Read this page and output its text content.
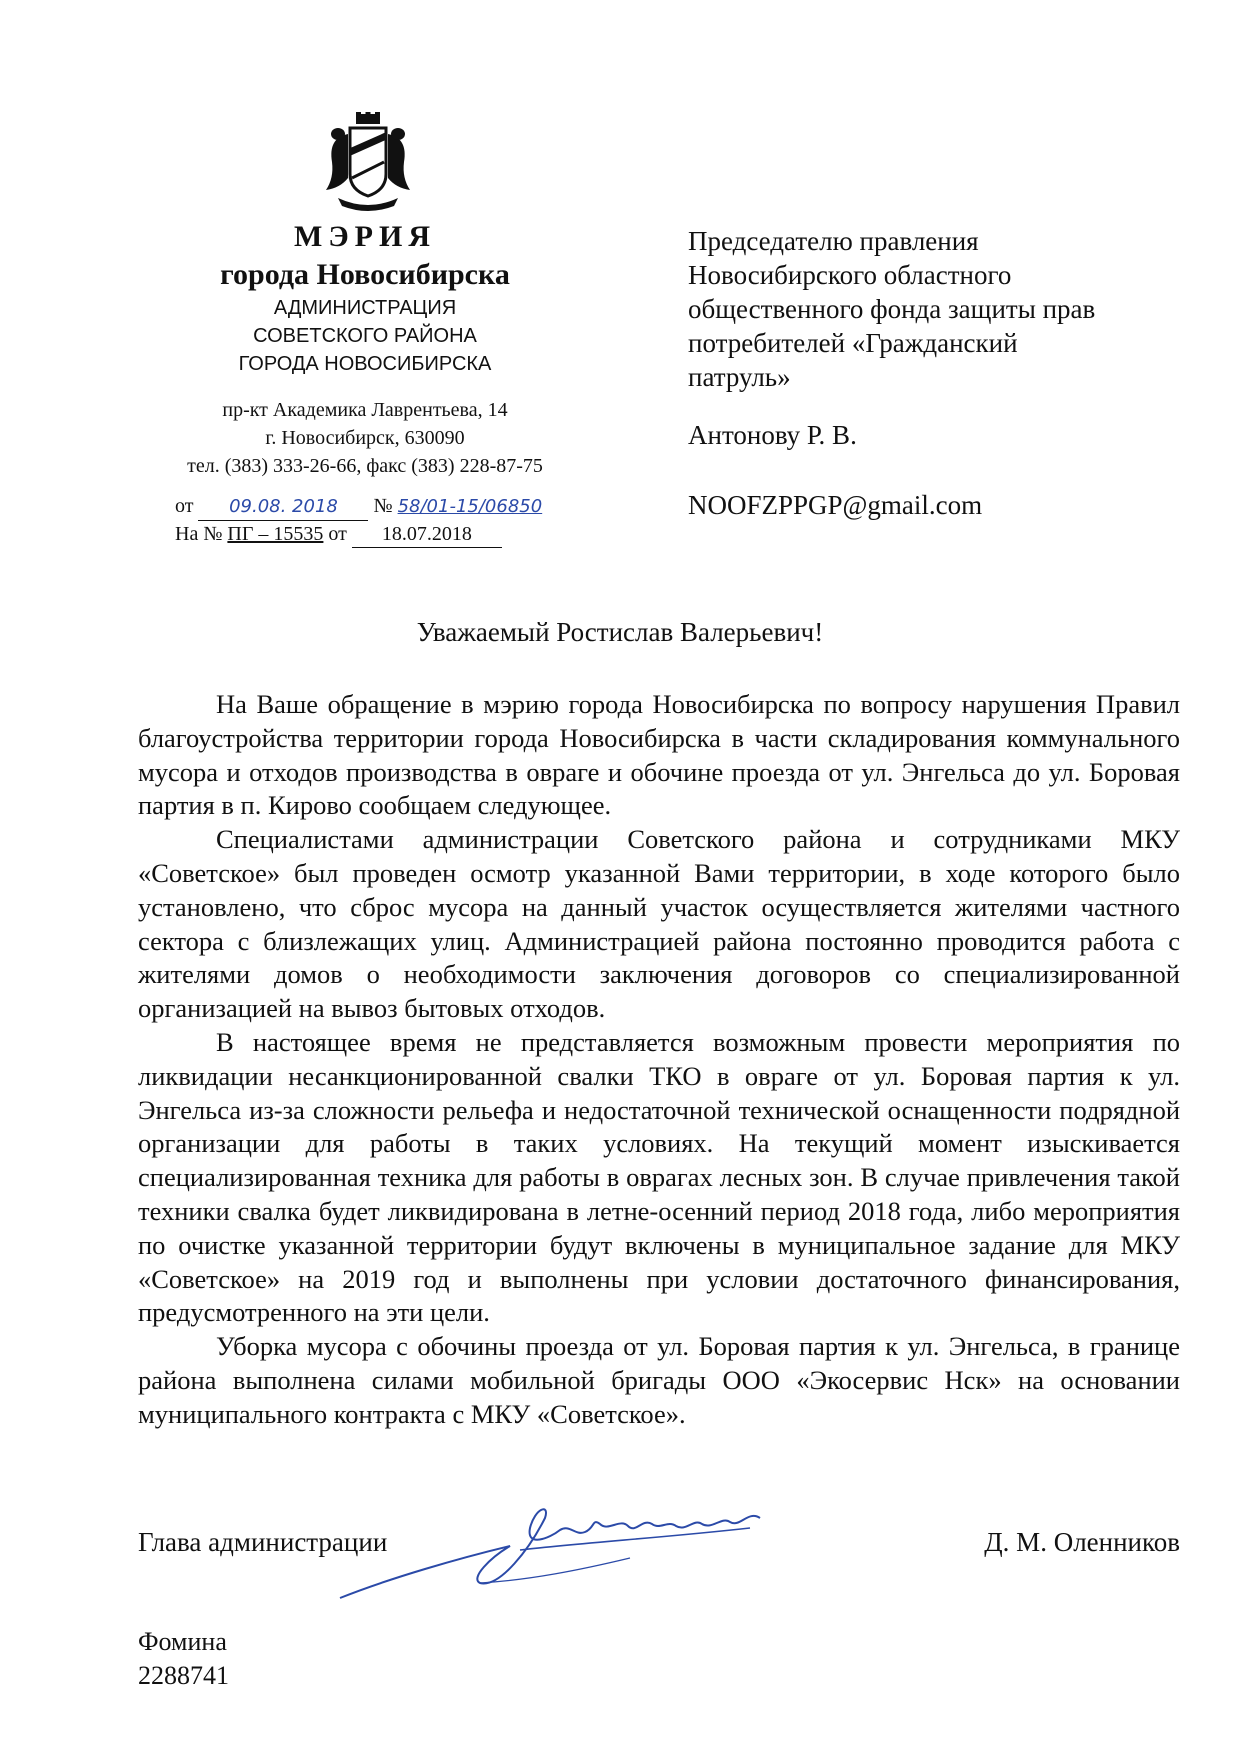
МЭРИЯ
города Новосибирска
АДМИНИСТРАЦИЯ
СОВЕТСКОГО РАЙОНА
ГОРОДА НОВОСИБИРСКА
пр-кт Академика Лаврентьева, 14
г. Новосибирск, 630090
тел. (383) 333-26-66, факс (383) 228-87-75
от 09.08. 2018 № 58/01-15/06850
На № ПГ – 15535 от 18.07.2018
Председателю правления
Новосибирского областного
общественного фонда защиты прав
потребителей «Гражданский
патруль»
Антонову Р. В.
NOOFZPPGP@gmail.com
Уважаемый Ростислав Валерьевич!

На Ваше обращение в мэрию города Новосибирска по вопросу нарушения Правил благоустройства территории города Новосибирска в части складирования коммунального мусора и отходов производства в овраге и обочине проезда от ул. Энгельса до ул. Боровая партия в п. Кирово сообщаем следующее.

Специалистами администрации Советского района и сотрудниками МКУ «Советское» был проведен осмотр указанной Вами территории, в ходе которого было установлено, что сброс мусора на данный участок осуществляется жителями частного сектора с близлежащих улиц. Администрацией района постоянно проводится работа с жителями домов о необходимости заключения договоров со специализированной организацией на вывоз бытовых отходов.

В настоящее время не представляется возможным провести мероприятия по ликвидации несанкционированной свалки ТКО в овраге от ул. Боровая партия к ул. Энгельса из-за сложности рельефа и недостаточной технической оснащенности подрядной организации для работы в таких условиях. На текущий момент изыскивается специализированная техника для работы в оврагах лесных зон. В случае привлечения такой техники свалка будет ликвидирована в летне-осенний период 2018 года, либо мероприятия по очистке указанной территории будут включены в муниципальное задание для МКУ «Советское» на 2019 год и выполнены при условии достаточного финансирования, предусмотренного на эти цели.

Уборка мусора с обочины проезда от ул. Боровая партия к ул. Энгельса, в границе района выполнена силами мобильной бригады ООО «Экосервис Нск» на основании муниципального контракта с МКУ «Советское».

Глава администрации	Д. М. Оленников
Фомина
2288741
